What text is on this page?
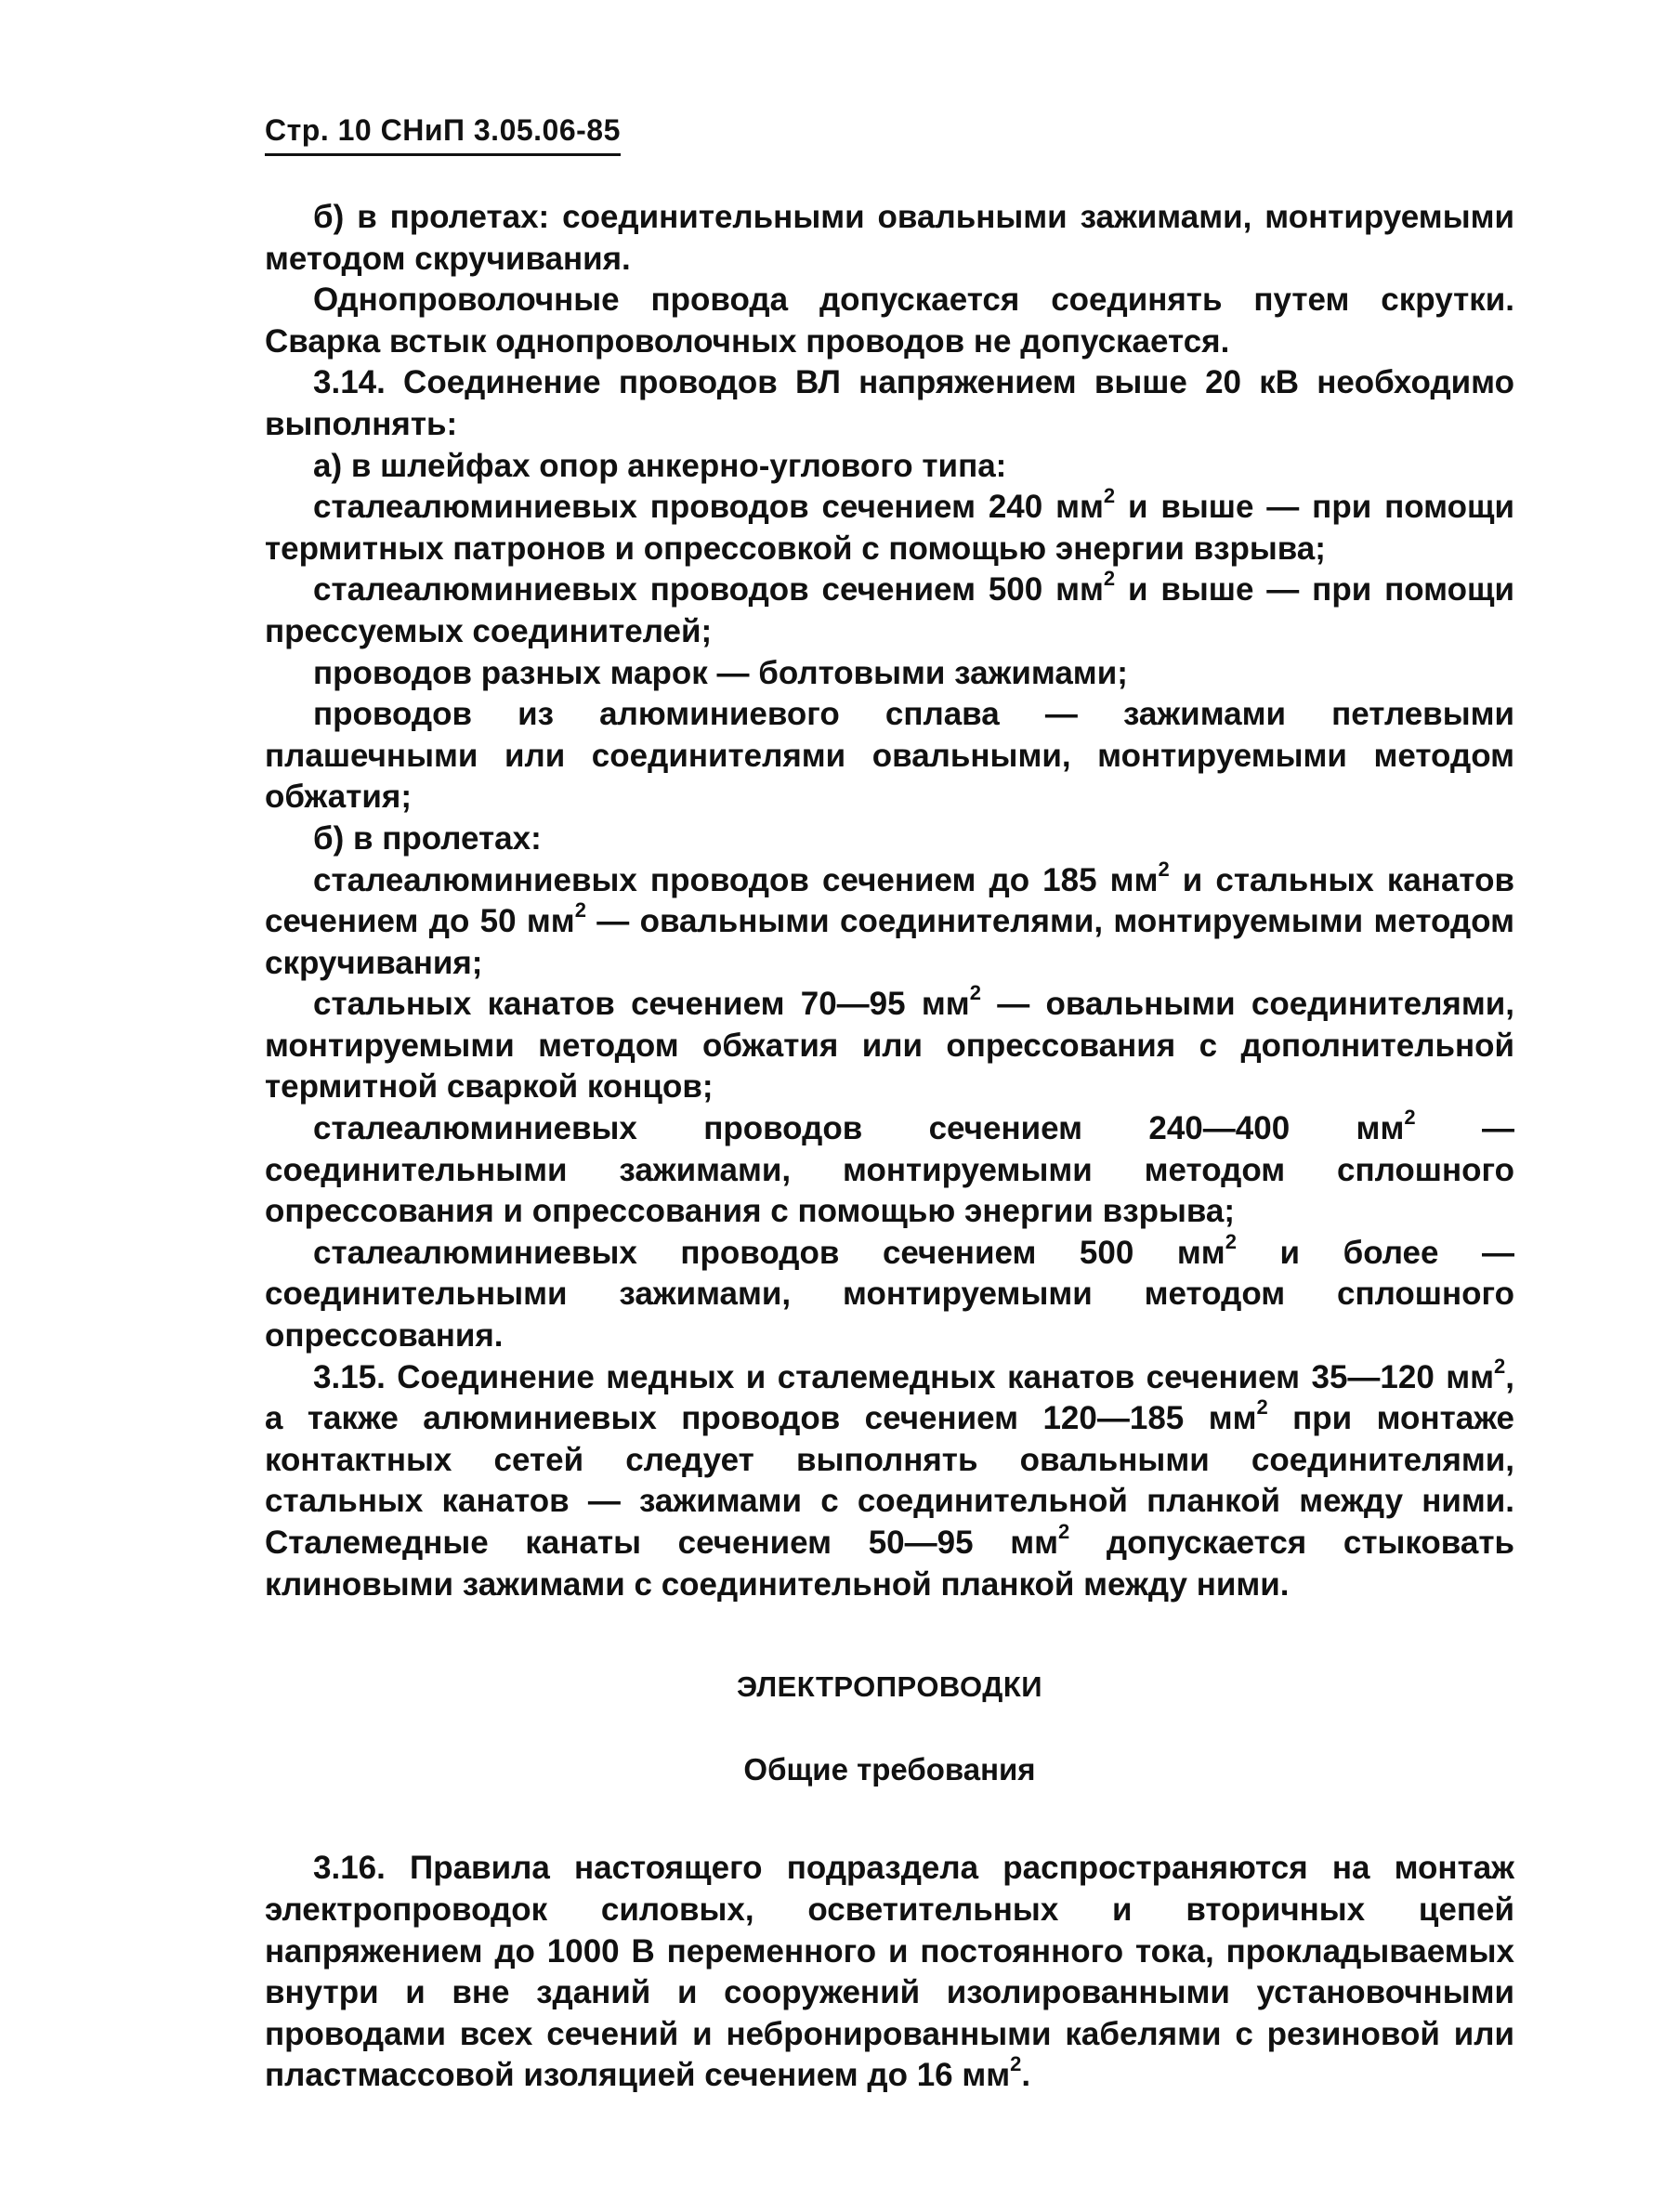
Стр. 10 СНиП 3.05.06-85

б) в пролетах: соединительными овальными зажимами, монтируемыми методом скручивания.

Однопроволочные провода допускается соединять путем скрутки. Сварка встык однопроволочных проводов не допускается.

3.14. Соединение проводов ВЛ напряжением выше 20 кВ необходимо выполнять:

а) в шлейфах опор анкерно-углового типа:

сталеалюминиевых проводов сечением 240 $мм^2$ и выше — при помощи термитных патронов и опрессовкой с помощью энергии взрыва;

сталеалюминиевых проводов сечением 500 $мм^2$ и выше — при помощи прессуемых соединителей;

проводов разных марок — болтовыми зажимами;

проводов из алюминиевого сплава — зажимами петлевыми плашечными или соединителями овальными, монтируемыми методом обжатия;

б) в пролетах:

сталеалюминиевых проводов сечением до 185 $мм^2$ и стальных канатов сечением до 50 $мм^2$ — овальными соединителями, монтируемыми методом скручивания;

стальных канатов сечением 70—95 $мм^2$ — овальными соединителями, монтируемыми методом обжатия или опрессования с дополнительной термитной сваркой концов;

сталеалюминиевых проводов сечением 240—400 $мм^2$ — соединительными зажимами, монтируемыми методом сплошного опрессования и опрессования с помощью энергии взрыва;

сталеалюминиевых проводов сечением 500 $мм^2$ и более — соединительными зажимами, монтируемыми методом сплошного опрессования.

3.15. Соединение медных и сталемедных канатов сечением 35—120 $мм^2$, а также алюминиевых проводов сечением 120—185 $мм^2$ при монтаже контактных сетей следует выполнять овальными соединителями, стальных канатов — зажимами с соединительной планкой между ними. Сталемедные канаты сечением 50—95 $мм^2$ допускается стыковать клиновыми зажимами с соединительной планкой между ними.

ЭЛЕКТРОПРОВОДКИ
Общие требования

3.16. Правила настоящего подраздела распространяются на монтаж электропроводок силовых, осветительных и вторичных цепей напряжением до 1000 В переменного и постоянного тока, прокладываемых внутри и вне зданий и сооружений изолированными установочными проводами всех сечений и небронированными кабелями с резиновой или пластмассовой изоляцией сечением до 16 $мм^2$.
